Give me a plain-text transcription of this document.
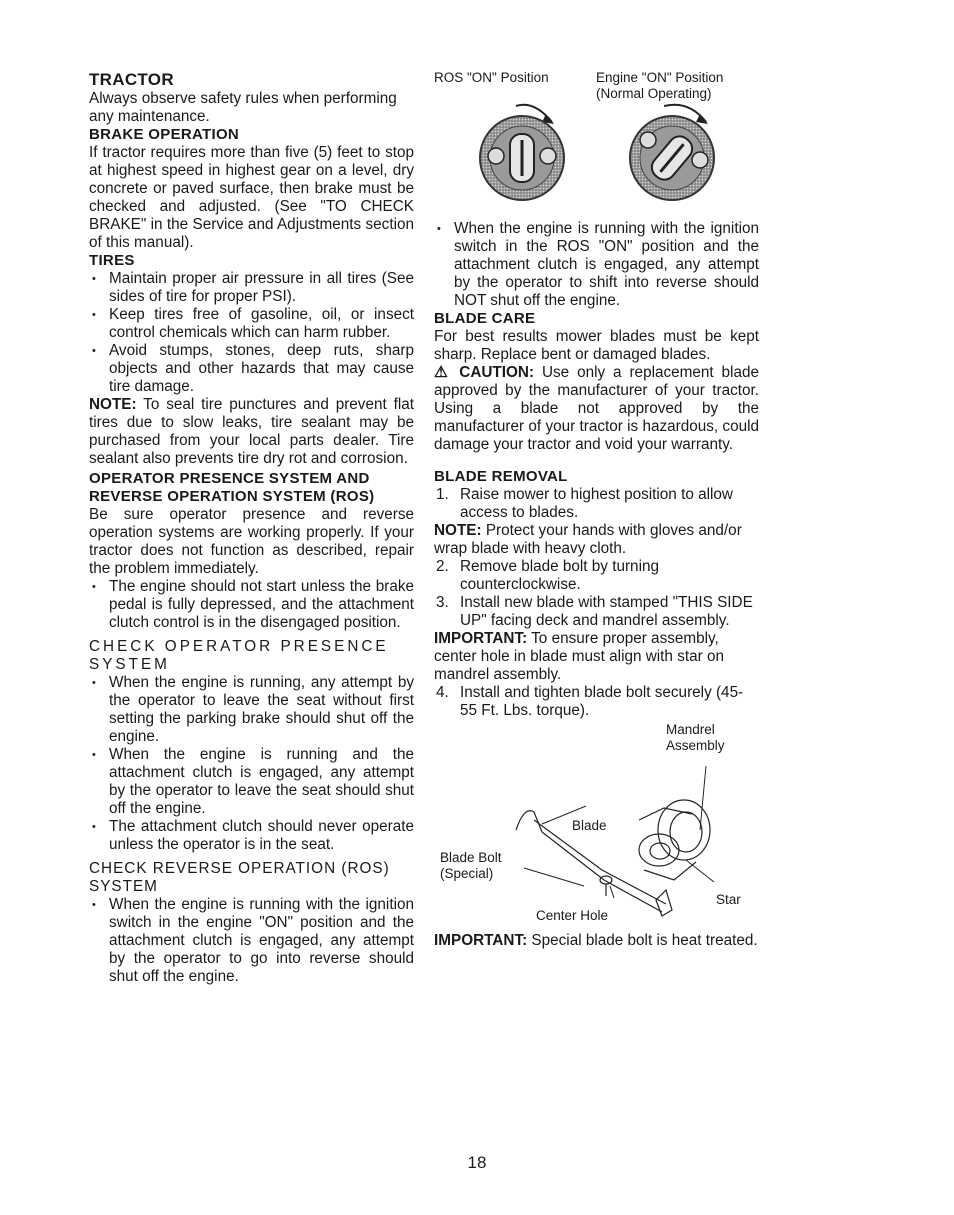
TRACTOR

Always observe safety rules when performing any maintenance.

BRAKE OPERATION

If tractor requires more than five (5) feet to stop at highest speed in highest gear on a level, dry concrete or paved surface, then brake must be checked and adjusted. (See "TO CHECK BRAKE" in the Service and Adjustments section of this manual).

TIRES

• Maintain proper air pressure in all tires (See sides of tire for proper PSI).
• Keep tires free of gasoline, oil, or insect control chemicals which can harm rubber.
• Avoid stumps, stones, deep ruts, sharp objects and other hazards that may cause tire damage.

NOTE: To seal tire punctures and prevent flat tires due to slow leaks, tire sealant may be purchased from your local parts dealer. Tire sealant also prevents tire dry rot and corrosion.

OPERATOR PRESENCE SYSTEM AND REVERSE OPERATION SYSTEM (ROS)

Be sure operator presence and reverse operation systems are working properly. If your tractor does not function as described, repair the problem immediately.

• The engine should not start unless the brake pedal is fully depressed, and the attachment clutch control is in the disengaged position.

CHECK OPERATOR PRESENCE SYSTEM

• When the engine is running, any attempt by the operator to leave the seat without first setting the parking brake should shut off the engine.
• When the engine is running and the attachment clutch is engaged, any attempt by the operator to leave the seat should shut off the engine.
• The attachment clutch should never operate unless the operator is in the seat.

CHECK REVERSE OPERATION (ROS) SYSTEM

• When the engine is running with the ignition switch in the engine "ON" position and the attachment clutch is engaged, any attempt by the operator to go into reverse should shut off the engine.
ROS "ON" Position	Engine "ON" Position
(Normal Operating)
• When the engine is running with the ignition switch in the ROS "ON" position and the attachment clutch is engaged, any attempt by the operator to shift into reverse should NOT shut off the engine.

BLADE CARE

For best results mower blades must be kept sharp. Replace bent or damaged blades.

⚠ CAUTION: Use only a replacement blade approved by the manufacturer of your tractor. Using a blade not approved by the manufacturer of your tractor is hazardous, could damage your tractor and void your warranty.

BLADE REMOVAL

1. Raise mower to highest position to allow access to blades.

NOTE: Protect your hands with gloves and/or wrap blade with heavy cloth.

2. Remove blade bolt by turning counterclockwise.
3. Install new blade with stamped "THIS SIDE UP" facing deck and mandrel assembly.

IMPORTANT: To ensure proper assembly, center hole in blade must align with star on mandrel assembly.

4. Install and tighten blade bolt securely (45-55 Ft. Lbs. torque).
Mandrel
Assembly
Blade
Blade Bolt
(Special)
Star
Center Hole

IMPORTANT: Special blade bolt is heat treated.

18
